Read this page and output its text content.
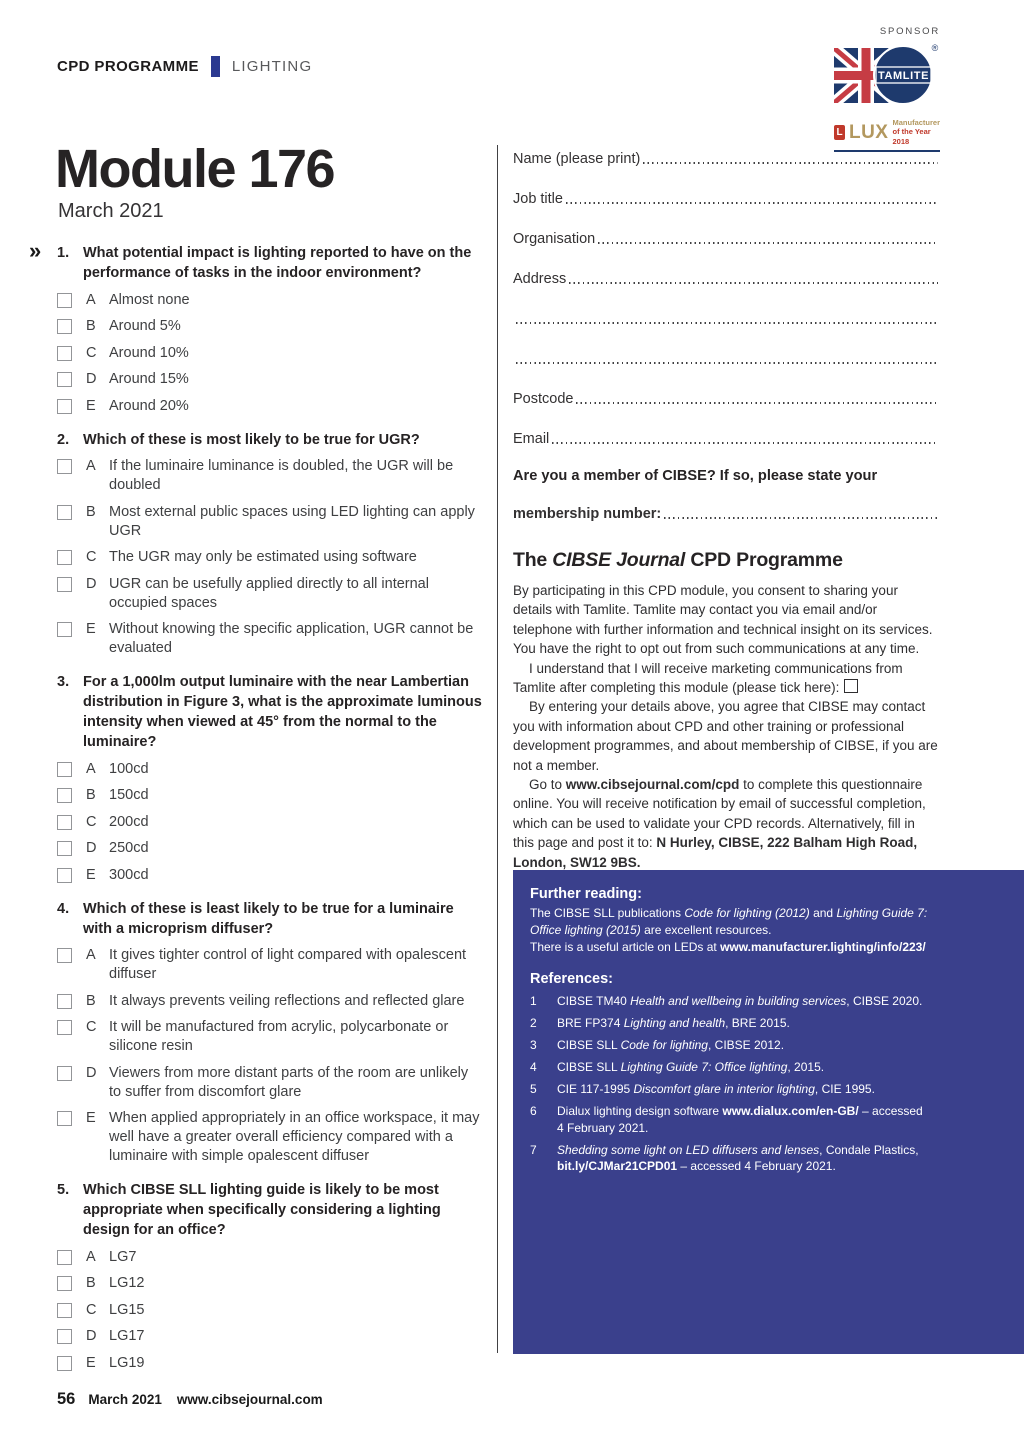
CPD PROGRAMME LIGHTING
SPONSOR
TAMLITE
®
L LUX Manufacturer
of the Year 2018
Module 176
March 2021
» 1. What potential impact is lighting reported to have on the performance of tasks in the indoor environment?
A Almost none
B Around 5%
C Around 10%
D Around 15%
E Around 20%
2. Which of these is most likely to be true for UGR?
A If the luminaire luminance is doubled, the UGR will be doubled
B Most external public spaces using LED lighting can apply UGR
C The UGR may only be estimated using software
D UGR can be usefully applied directly to all internal occupied spaces
E Without knowing the specific application, UGR cannot be evaluated
3. For a 1,000lm output luminaire with the near Lambertian distribution in Figure 3, what is the approximate luminous intensity when viewed at 45° from the normal to the luminaire?
A 100cd
B 150cd
C 200cd
D 250cd
E 300cd
4. Which of these is least likely to be true for a luminaire with a microprism diffuser?
A It gives tighter control of light compared with opalescent diffuser
B It always prevents veiling reflections and reflected glare
C It will be manufactured from acrylic, polycarbonate or silicone resin
D Viewers from more distant parts of the room are unlikely to suffer from discomfort glare
E When applied appropriately in an office workspace, it may well have a greater overall efficiency compared with a luminaire with simple opalescent diffuser
5. Which CIBSE SLL lighting guide is likely to be most appropriate when specifically considering a lighting design for an office?
A LG7
B LG12
C LG15
D LG17
E LG19
Name (please print)
Job title
Organisation
Address
Postcode
Email
Are you a member of CIBSE? If so, please state your
membership number:
The CIBSE Journal CPD Programme

By participating in this CPD module, you consent to sharing your details with Tamlite. Tamlite may contact you via email and/or telephone with further information and technical insight on its services. You have the right to opt out from such communications at any time.

I understand that I will receive marketing communications from Tamlite after completing this module (please tick here):

By entering your details above, you agree that CIBSE may contact you with information about CPD and other training or professional development programmes, and about membership of CIBSE, if you are not a member.

Go to www.cibsejournal.com/cpd to complete this questionnaire online. You will receive notification by email of successful completion, which can be used to validate your CPD records. Alternatively, fill in this page and post it to: N Hurley, CIBSE, 222 Balham High Road, London, SW12 9BS.

Further reading:

The CIBSE SLL publications Code for lighting (2012) and Lighting Guide 7: Office lighting (2015) are excellent resources.

There is a useful article on LEDs at www.manufacturer.lighting/info/223/

References:
1	CIBSE TM40 Health and wellbeing in building services, CIBSE 2020.
2	BRE FP374 Lighting and health, BRE 2015.
3	CIBSE SLL Code for lighting, CIBSE 2012.
4	CIBSE SLL Lighting Guide 7: Office lighting, 2015.
5	CIE 117-1995 Discomfort glare in interior lighting, CIE 1995.
6	Dialux lighting design software www.dialux.com/en-GB/ – accessed 4 February 2021.
7	Shedding some light on LED diffusers and lenses, Condale Plastics, bit.ly/CJMar21CPD01 – accessed 4 February 2021.
56 March 2021 www.cibsejournal.com
